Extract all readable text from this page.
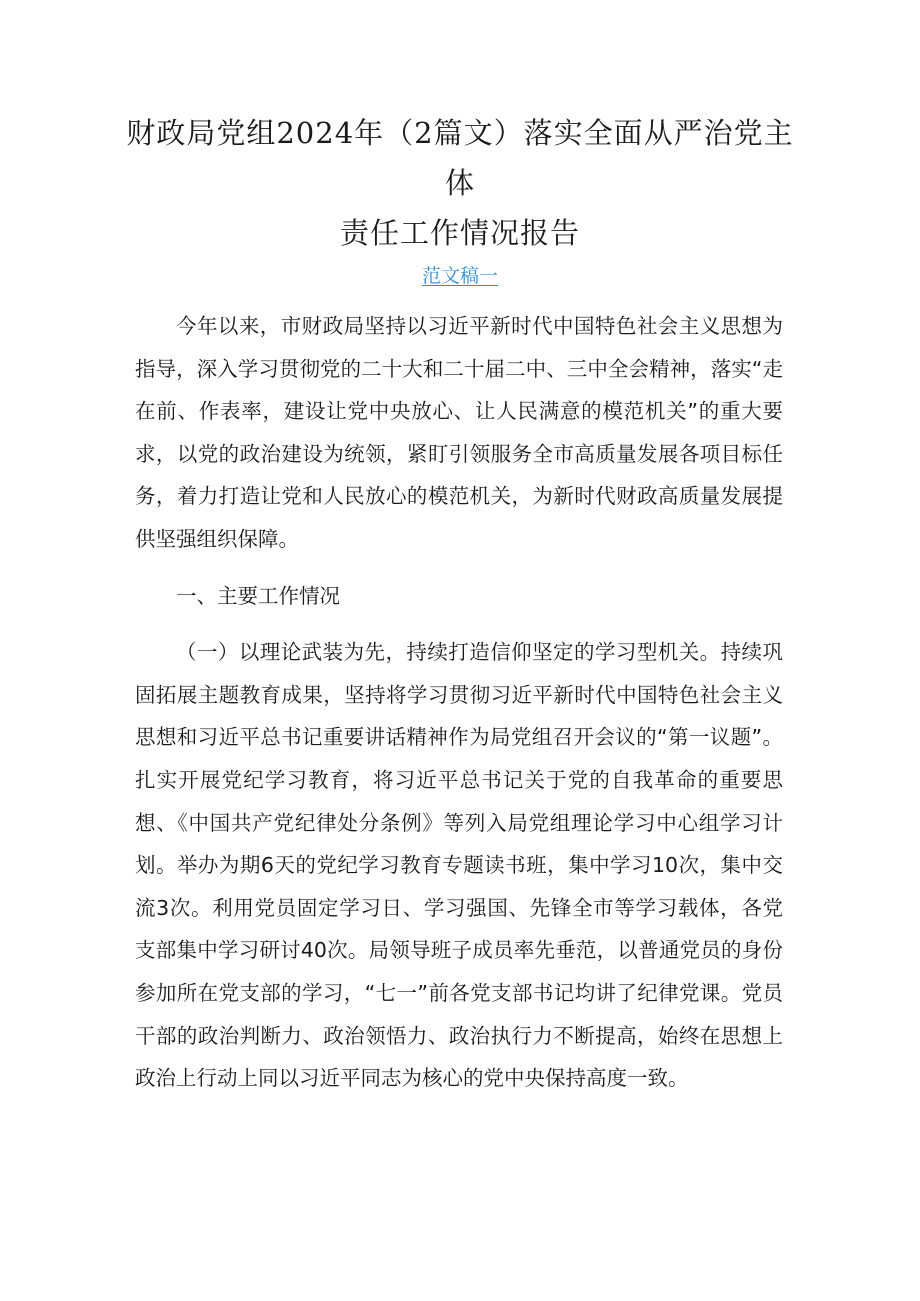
财政局党组2024年（2篇文）落实全面从严治党主体
责任工作情况报告
范文稿一

今年以来，市财政局坚持以习近平新时代中国特色社会主义思想为指导，深入学习贯彻党的二十大和二十届二中、三中全会精神，落实“走在前、作表率，建设让党中央放心、让人民满意的模范机关”的重大要求，以党的政治建设为统领，紧盯引领服务全市高质量发展各项目标任务，着力打造让党和人民放心的模范机关，为新时代财政高质量发展提供坚强组织保障。

一、主要工作情况

（一）以理论武装为先，持续打造信仰坚定的学习型机关。持续巩固拓展主题教育成果，坚持将学习贯彻习近平新时代中国特色社会主义思想和习近平总书记重要讲话精神作为局党组召开会议的“第一议题”。扎实开展党纪学习教育，将习近平总书记关于党的自我革命的重要思想、《中国共产党纪律处分条例》等列入局党组理论学习中心组学习计划。举办为期6天的党纪学习教育专题读书班，集中学习10次，集中交流3次。利用党员固定学习日、学习强国、先锋全市等学习载体，各党支部集中学习研讨40次。局领导班子成员率先垂范，以普通党员的身份参加所在党支部的学习，“七一”前各党支部书记均讲了纪律党课。党员干部的政治判断力、政治领悟力、政治执行力不断提高，始终在思想上政治上行动上同以习近平同志为核心的党中央保持高度一致。
